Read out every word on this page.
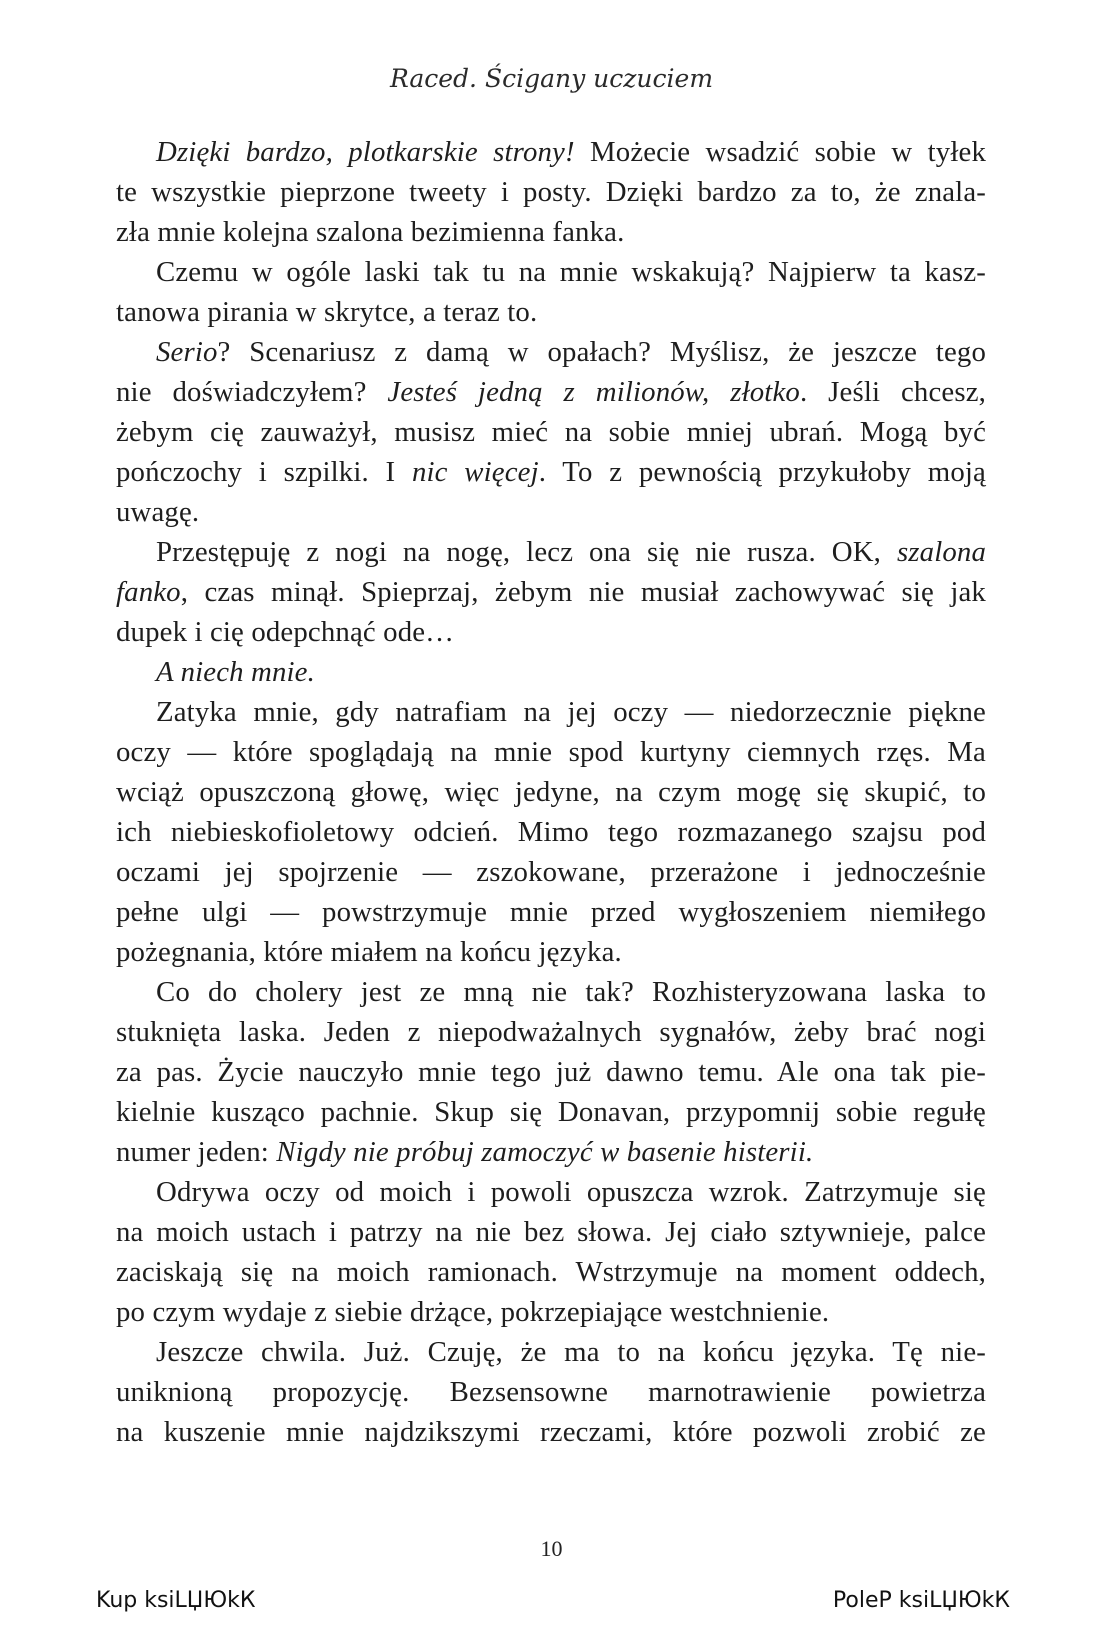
Raced. Ścigany uczuciem
Dzięki bardzo, plotkarskie strony! Możecie wsadzić sobie w tyłek
te wszystkie pieprzone tweety i posty. Dzięki bardzo za to, że znala-
zła mnie kolejna szalona bezimienna fanka.
Czemu w ogóle laski tak tu na mnie wskakują? Najpierw ta kasz-
tanowa pirania w skrytce, a teraz to.
Serio? Scenariusz z damą w opałach? Myślisz, że jeszcze tego
nie doświadczyłem? Jesteś jedną z milionów, złotko. Jeśli chcesz,
żebym cię zauważył, musisz mieć na sobie mniej ubrań. Mogą być
pończochy i szpilki. I nic więcej. To z pewnością przykułoby moją
uwagę.
Przestępuję z nogi na nogę, lecz ona się nie rusza. OK, szalona
fanko, czas minął. Spieprzaj, żebym nie musiał zachowywać się jak
dupek i cię odepchnąć ode…
A niech mnie.
Zatyka mnie, gdy natrafiam na jej oczy — niedorzecznie piękne
oczy — które spoglądają na mnie spod kurtyny ciemnych rzęs. Ma
wciąż opuszczoną głowę, więc jedyne, na czym mogę się skupić, to
ich niebieskofioletowy odcień. Mimo tego rozmazanego szajsu pod
oczami jej spojrzenie — zszokowane, przerażone i jednocześnie
pełne ulgi — powstrzymuje mnie przed wygłoszeniem niemiłego
pożegnania, które miałem na końcu języka.
Co do cholery jest ze mną nie tak? Rozhisteryzowana laska to
stuknięta laska. Jeden z niepodważalnych sygnałów, żeby brać nogi
za pas. Życie nauczyło mnie tego już dawno temu. Ale ona tak pie-
kielnie kusząco pachnie. Skup się Donavan, przypomnij sobie regułę
numer jeden: Nigdy nie próbuj zamoczyć w basenie histerii.
Odrywa oczy od moich i powoli opuszcza wzrok. Zatrzymuje się
na moich ustach i patrzy na nie bez słowa. Jej ciało sztywnieje, palce
zaciskają się na moich ramionach. Wstrzymuje na moment oddech,
po czym wydaje z siebie drżące, pokrzepiające westchnienie.
Jeszcze chwila. Już. Czuję, że ma to na końcu języka. Tę nie-
uniknioną propozycję. Bezsensowne marnotrawienie powietrza
na kuszenie mnie najdzikszymi rzeczami, które pozwoli zrobić ze
10
Kup ksiLЏЮkК	PoleP ksiLЏЮkК
